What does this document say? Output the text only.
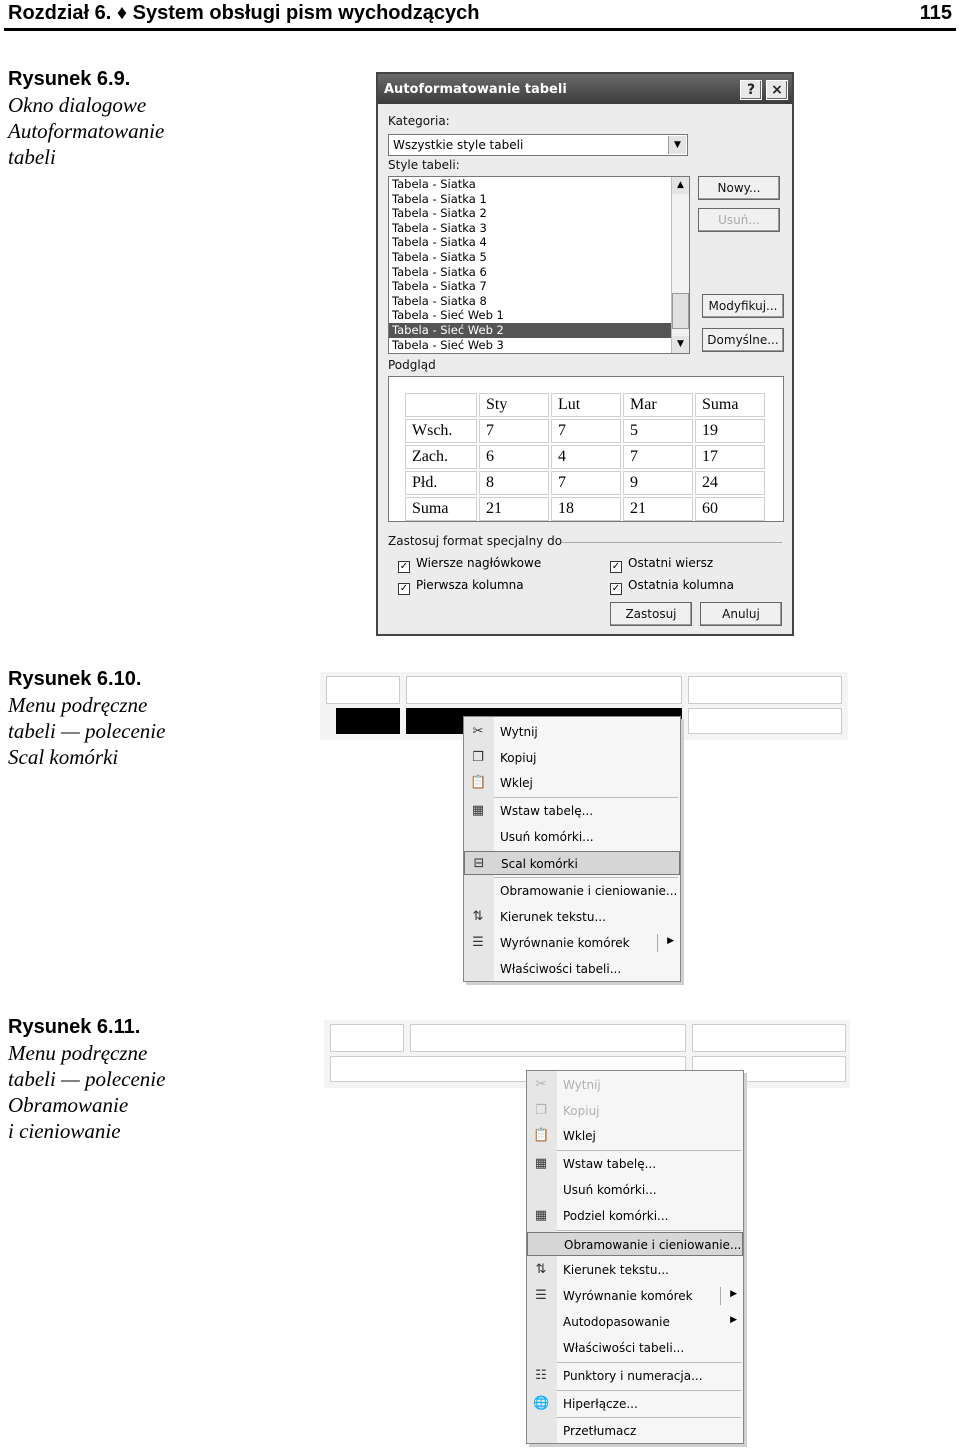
Rozdział 6. ♦ System obsługi pism wychodzących	115
Rysunek 6.9.
Okno dialogowe
Autoformatowanie
tabeli
Autoformatowanie tabeli	?	×
Kategoria:
Wszystkie style tabeli	▼
Style tabeli:
Tabela - Siatka
Tabela - Siatka 1
Tabela - Siatka 2
Tabela - Siatka 3
Tabela - Siatka 4
Tabela - Siatka 5
Tabela - Siatka 6
Tabela - Siatka 7
Tabela - Siatka 8
Tabela - Sieć Web 1
Tabela - Sieć Web 2
Tabela - Sieć Web 3
▲
▼
Nowy...
Usuń...
Modyfikuj...
Domyślne...
Podgląd
	Sty	Lut	Mar	Suma
Wsch.	7	7	5	19
Zach.	6	4	7	17
Płd.	8	7	9	24
Suma	21	18	21	60
Zastosuj format specjalny do
✓ Wiersze nagłówkowe
✓ Pierwsza kolumna
✓ Ostatni wiersz
✓ Ostatnia kolumna
Zastosuj	Anuluj
Rysunek 6.10.
Menu podręczne
tabeli — polecenie
Scal komórki
✂ Wytnij
❐ Kopiuj
📋 Wklej
▦ Wstaw tabelę...
Usuń komórki...
⊟ Scal komórki
Obramowanie i cieniowanie...
⇅ Kierunek tekstu...
☰ Wyrównanie komórek	▶
Właściwości tabeli...
Rysunek 6.11.
Menu podręczne
tabeli — polecenie
Obramowanie
i cieniowanie
✂ Wytnij
❐ Kopiuj
📋 Wklej
▦ Wstaw tabelę...
Usuń komórki...
▦ Podziel komórki...
Obramowanie i cieniowanie...
⇅ Kierunek tekstu...
☰ Wyrównanie komórek	▶
Autodopasowanie	▶
Właściwości tabeli...
☷ Punktory i numeracja...
🌐 Hiperłącze...
Przetłumacz
